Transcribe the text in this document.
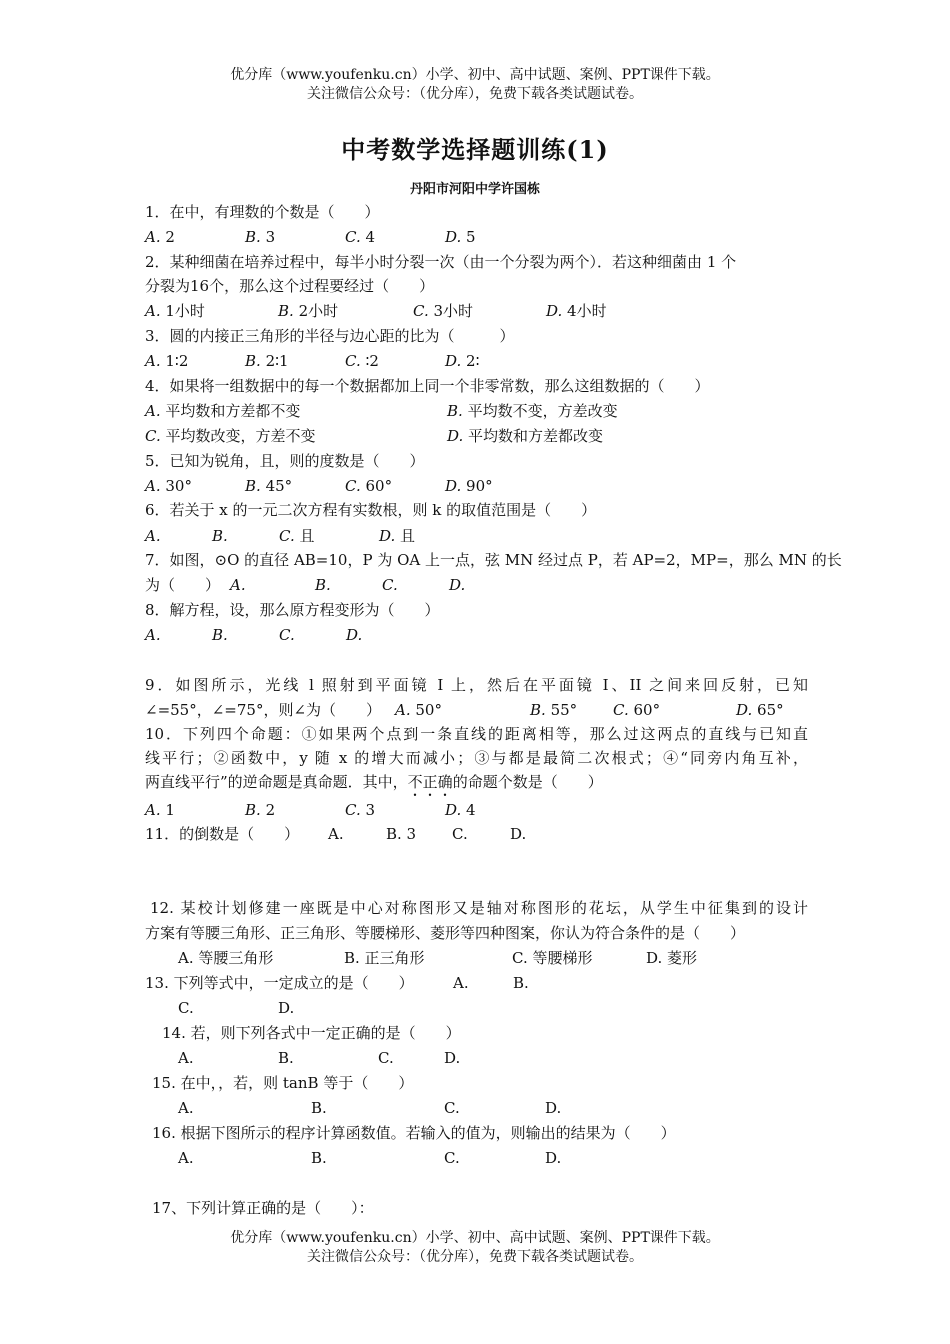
优分库（www.youfenku.cn）小学、初中、高中试题、案例、PPT课件下载。
关注微信公众号：（优分库），免费下载各类试题试卷。
中考数学选择题训练(1)
丹阳市河阳中学许国栋
1．在中，有理数的个数是（　　）
A. 2	B. 3	C. 4	D. 5
2．某种细菌在培养过程中，每半小时分裂一次（由一个分裂为两个）．若这种细菌由 1 个
分裂为16个，那么这个过程要经过（　　）
A. 1小时	B. 2小时	C. 3小时	D. 4小时
3．圆的内接正三角形的半径与边心距的比为（　　　）
A. 1∶2	B. 2∶1	C. ∶2	D. 2∶
4．如果将一组数据中的每一个数据都加上同一个非零常数，那么这组数据的（　　）
A. 平均数和方差都不变	B. 平均数不变，方差改变
C. 平均数改变，方差不变	D. 平均数和方差都改变
5．已知为锐角，且，则的度数是（　　）
A. 30°	B. 45°	C. 60°	D. 90°
6．若关于 x 的一元二次方程有实数根，则 k 的取值范围是（　　）
A.	B.	C. 且	D. 且
7．如图，⊙O 的直径 AB=10，P 为 OA 上一点，弦 MN 经过点 P，若 AP=2，MP=，那么 MN 的长
为（　　） A.	B.	C.	D.
8．解方程，设，那么原方程变形为（　　）
A.	B.	C.	D.
9．如图所示，光线 l 照射到平面镜 I 上，然后在平面镜 I、II 之间来回反射，已知
∠=55°，∠=75°，则∠为（　　） A. 50°	B. 55° C. 60°	D. 65°
10．下列四个命题：①如果两个点到一条直线的距离相等，那么过这两点的直线与已知直
线平行；②函数中，y 随 x 的增大而减小；③与都是最简二次根式；④“同旁内角互补，
两直线平行”的逆命题是真命题．其中，不正确的命题个数是（　　）
A. 1	B. 2	C. 3	D. 4
11．的倒数是（　　） A.	B. 3 C.	D.
12. 某校计划修建一座既是中心对称图形又是轴对称图形的花坛，从学生中征集到的设计
方案有等腰三角形、正三角形、等腰梯形、菱形等四种图案，你认为符合条件的是（　　）
A. 等腰三角形	B. 正三角形	C. 等腰梯形	D. 菱形
13. 下列等式中，一定成立的是（　　）	A.	B.
C.	D.
14. 若，则下列各式中一定正确的是（　　）
A.	B.	C.	D.
15. 在中，，若，则 tanB 等于（　　）
A.	B.	C.	D.
16. 根据下图所示的程序计算函数值。若输入的值为，则输出的结果为（　　）
A.	B.	C.	D.
17、下列计算正确的是（　　）：
优分库（www.youfenku.cn）小学、初中、高中试题、案例、PPT课件下载。
关注微信公众号：（优分库），免费下载各类试题试卷。
